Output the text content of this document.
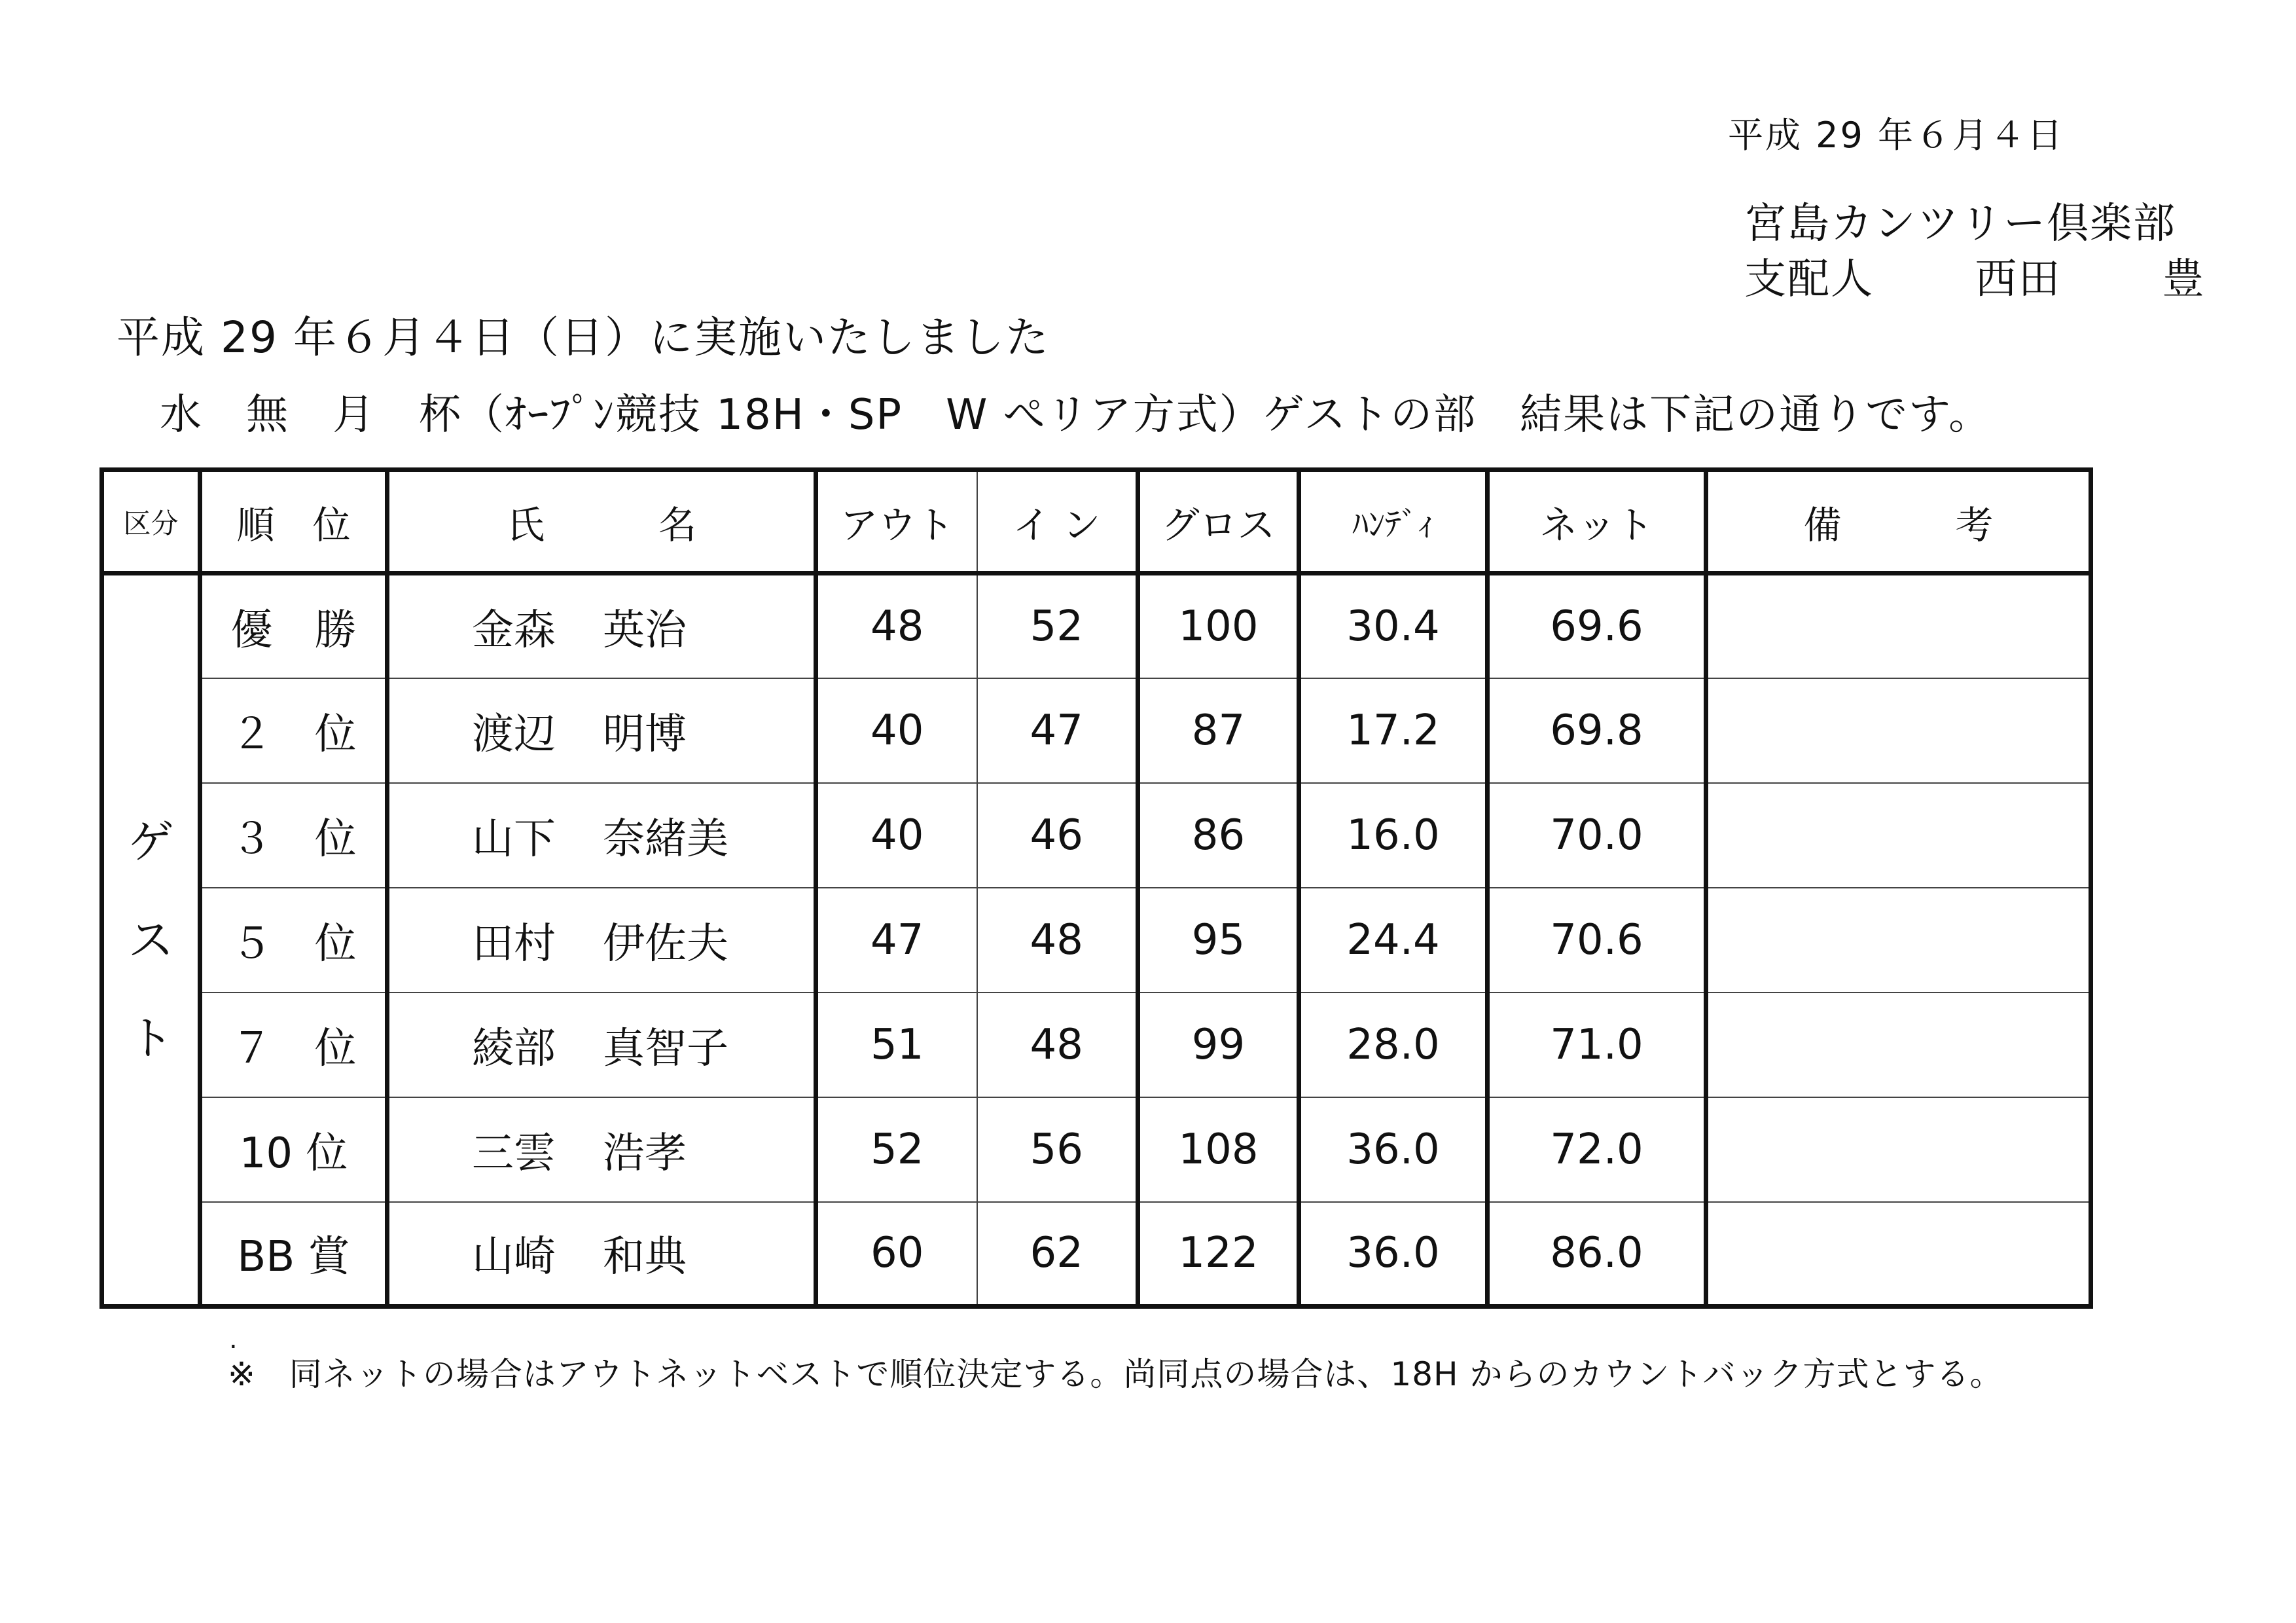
平成 29 年６月４日
宮島カンツリー倶楽部
支配人　　 西田　　 豊
平成 29 年６月４日（日）に実施いたしました
水　無　月　杯（ｵｰﾌﾟﾝ競技 18H・SP　W ぺリア方式）ゲストの部　結果は下記の通りです。
区分	順　位	氏　　　名	アウト	イ ン	グロス	ﾊﾝﾃﾞｨ	ネット	備　　　考

ゲ
ス
ト	優　勝	金森 英治	48	52	100	30.4	69.6	
	２　位	渡辺 明博	40	47	87	17.2	69.8	
	３　位	山下 奈緒美	40	46	86	16.0	70.0	
	５　位	田村 伊佐夫	47	48	95	24.4	70.6	
	７　位	綾部 真智子	51	48	99	28.0	71.0	
	10 位	三雲 浩孝	52	56	108	36.0	72.0	
	BB 賞	山崎 和典	60	62	122	36.0	86.0	
.
※　同ネットの場合はアウトネットベストで順位決定する。尚同点の場合は、18H からのカウントバック方式とする。
